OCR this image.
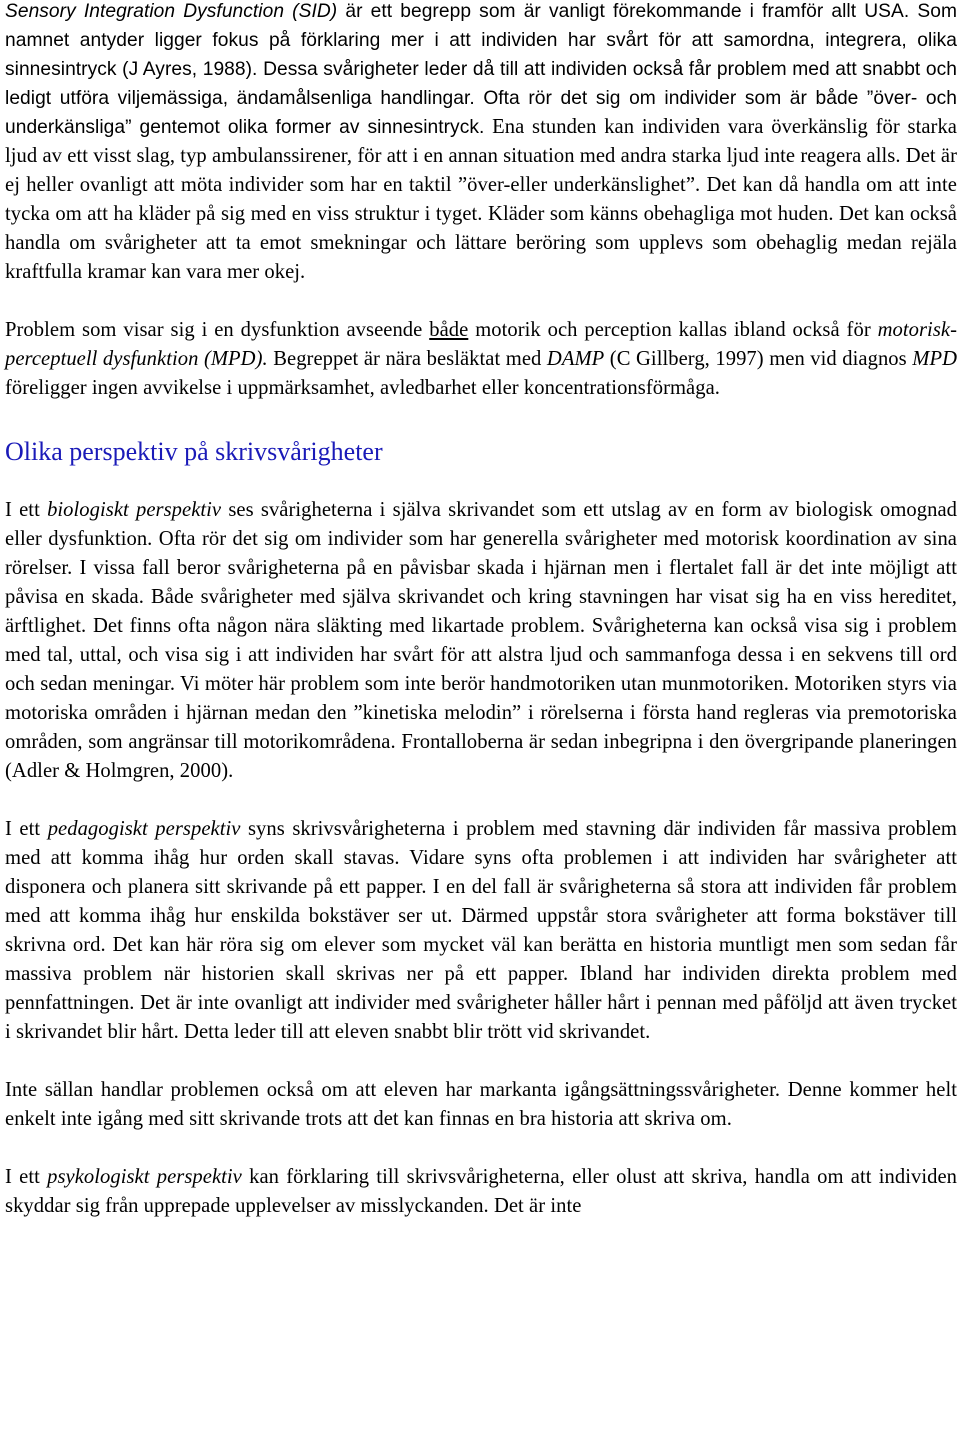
Sensory Integration Dysfunction (SID) är ett begrepp som är vanligt förekommande i framför allt USA. Som namnet antyder ligger fokus på förklaring mer i att individen har svårt för att samordna, integrera, olika sinnesintryck (J Ayres, 1988). Dessa svårigheter leder då till att individen också får problem med att snabbt och ledigt utföra viljemässiga, ändamålsenliga handlingar. Ofta rör det sig om individer som är både ”över- och underkänsliga” gentemot olika former av sinnesintryck. Ena stunden kan individen vara överkänslig för starka ljud av ett visst slag, typ ambulanssirener, för att i en annan situation med andra starka ljud inte reagera alls. Det är ej heller ovanligt att möta individer som har en taktil ”över-eller underkänslighet”. Det kan då handla om att inte tycka om att ha kläder på sig med en viss struktur i tyget. Kläder som känns obehagliga mot huden. Det kan också handla om svårigheter att ta emot smekningar och lättare beröring som upplevs som obehaglig medan rejäla kraftfulla kramar kan vara mer okej.

Problem som visar sig i en dysfunktion avseende både motorik och perception kallas ibland också för motorisk-perceptuell dysfunktion (MPD). Begreppet är nära besläktat med DAMP (C Gillberg, 1997) men vid diagnos MPD föreligger ingen avvikelse i uppmärksamhet, avledbarhet eller koncentrationsförmåga.

Olika perspektiv på skrivsvårigheter

I ett biologiskt perspektiv ses svårigheterna i själva skrivandet som ett utslag av en form av biologisk omognad eller dysfunktion. Ofta rör det sig om individer som har generella svårigheter med motorisk koordination av sina rörelser. I vissa fall beror svårigheterna på en påvisbar skada i hjärnan men i flertalet fall är det inte möjligt att påvisa en skada. Både svårigheter med själva skrivandet och kring stavningen har visat sig ha en viss hereditet, ärftlighet. Det finns ofta någon nära släkting med likartade problem. Svårigheterna kan också visa sig i problem med tal, uttal, och visa sig i att individen har svårt för att alstra ljud och sammanfoga dessa i en sekvens till ord och sedan meningar. Vi möter här problem som inte berör handmotoriken utan munmotoriken. Motoriken styrs via motoriska områden i hjärnan medan den ”kinetiska melodin” i rörelserna i första hand regleras via premotoriska områden, som angränsar till motorikområdena. Frontalloberna är sedan inbegripna i den övergripande planeringen (Adler & Holmgren, 2000).

I ett pedagogiskt perspektiv syns skrivsvårigheterna i problem med stavning där individen får massiva problem med att komma ihåg hur orden skall stavas. Vidare syns ofta problemen i att individen har svårigheter att disponera och planera sitt skrivande på ett papper. I en del fall är svårigheterna så stora att individen får problem med att komma ihåg hur enskilda bokstäver ser ut. Därmed uppstår stora svårigheter att forma bokstäver till skrivna ord. Det kan här röra sig om elever som mycket väl kan berätta en historia muntligt men som sedan får massiva problem när historien skall skrivas ner på ett papper. Ibland har individen direkta problem med pennfattningen. Det är inte ovanligt att individer med svårigheter håller hårt i pennan med påföljd att även trycket i skrivandet blir hårt. Detta leder till att eleven snabbt blir trött vid skrivandet.

Inte sällan handlar problemen också om att eleven har markanta igångsättningssvårigheter. Denne kommer helt enkelt inte igång med sitt skrivande trots att det kan finnas en bra historia att skriva om.

I ett psykologiskt perspektiv kan förklaring till skrivsvårigheterna, eller olust att skriva, handla om att individen skyddar sig från upprepade upplevelser av misslyckanden. Det är inte
